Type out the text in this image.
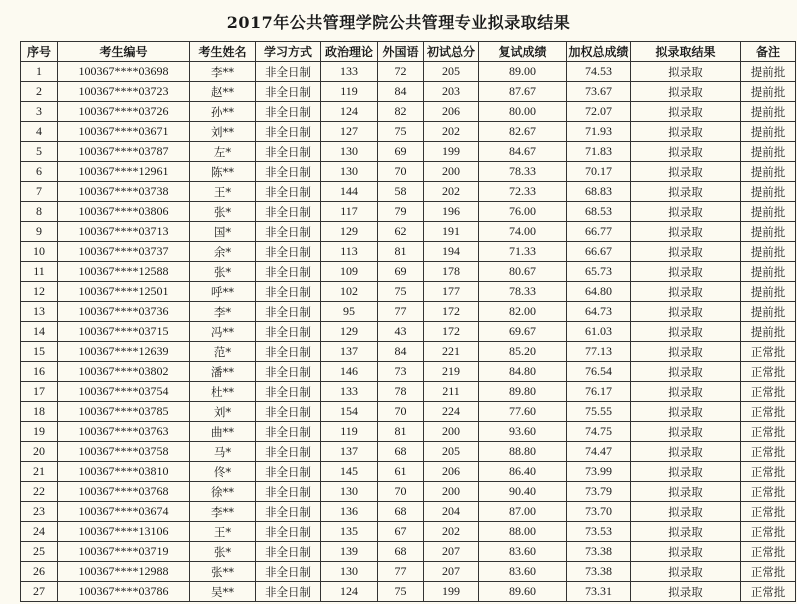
2017年公共管理学院公共管理专业拟录取结果
序号	考生编号	考生姓名	学习方式	政治理论	外国语	初试总分	复试成绩	加权总成绩	拟录取结果	备注
1	100367****03698	李**	非全日制	133	72	205	89.00	74.53	拟录取	提前批
2	100367****03723	赵**	非全日制	119	84	203	87.67	73.67	拟录取	提前批
3	100367****03726	孙**	非全日制	124	82	206	80.00	72.07	拟录取	提前批
4	100367****03671	刘**	非全日制	127	75	202	82.67	71.93	拟录取	提前批
5	100367****03787	左*	非全日制	130	69	199	84.67	71.83	拟录取	提前批
6	100367****12961	陈**	非全日制	130	70	200	78.33	70.17	拟录取	提前批
7	100367****03738	王*	非全日制	144	58	202	72.33	68.83	拟录取	提前批
8	100367****03806	张*	非全日制	117	79	196	76.00	68.53	拟录取	提前批
9	100367****03713	国*	非全日制	129	62	191	74.00	66.77	拟录取	提前批
10	100367****03737	余*	非全日制	113	81	194	71.33	66.67	拟录取	提前批
11	100367****12588	张*	非全日制	109	69	178	80.67	65.73	拟录取	提前批
12	100367****12501	呼**	非全日制	102	75	177	78.33	64.80	拟录取	提前批
13	100367****03736	李*	非全日制	95	77	172	82.00	64.73	拟录取	提前批
14	100367****03715	冯**	非全日制	129	43	172	69.67	61.03	拟录取	提前批
15	100367****12639	范*	非全日制	137	84	221	85.20	77.13	拟录取	正常批
16	100367****03802	潘**	非全日制	146	73	219	84.80	76.54	拟录取	正常批
17	100367****03754	杜**	非全日制	133	78	211	89.80	76.17	拟录取	正常批
18	100367****03785	刘*	非全日制	154	70	224	77.60	75.55	拟录取	正常批
19	100367****03763	曲**	非全日制	119	81	200	93.60	74.75	拟录取	正常批
20	100367****03758	马*	非全日制	137	68	205	88.80	74.47	拟录取	正常批
21	100367****03810	佟*	非全日制	145	61	206	86.40	73.99	拟录取	正常批
22	100367****03768	徐**	非全日制	130	70	200	90.40	73.79	拟录取	正常批
23	100367****03674	李**	非全日制	136	68	204	87.00	73.70	拟录取	正常批
24	100367****13106	王*	非全日制	135	67	202	88.00	73.53	拟录取	正常批
25	100367****03719	张*	非全日制	139	68	207	83.60	73.38	拟录取	正常批
26	100367****12988	张**	非全日制	130	77	207	83.60	73.38	拟录取	正常批
27	100367****03786	吴**	非全日制	124	75	199	89.60	73.31	拟录取	正常批
